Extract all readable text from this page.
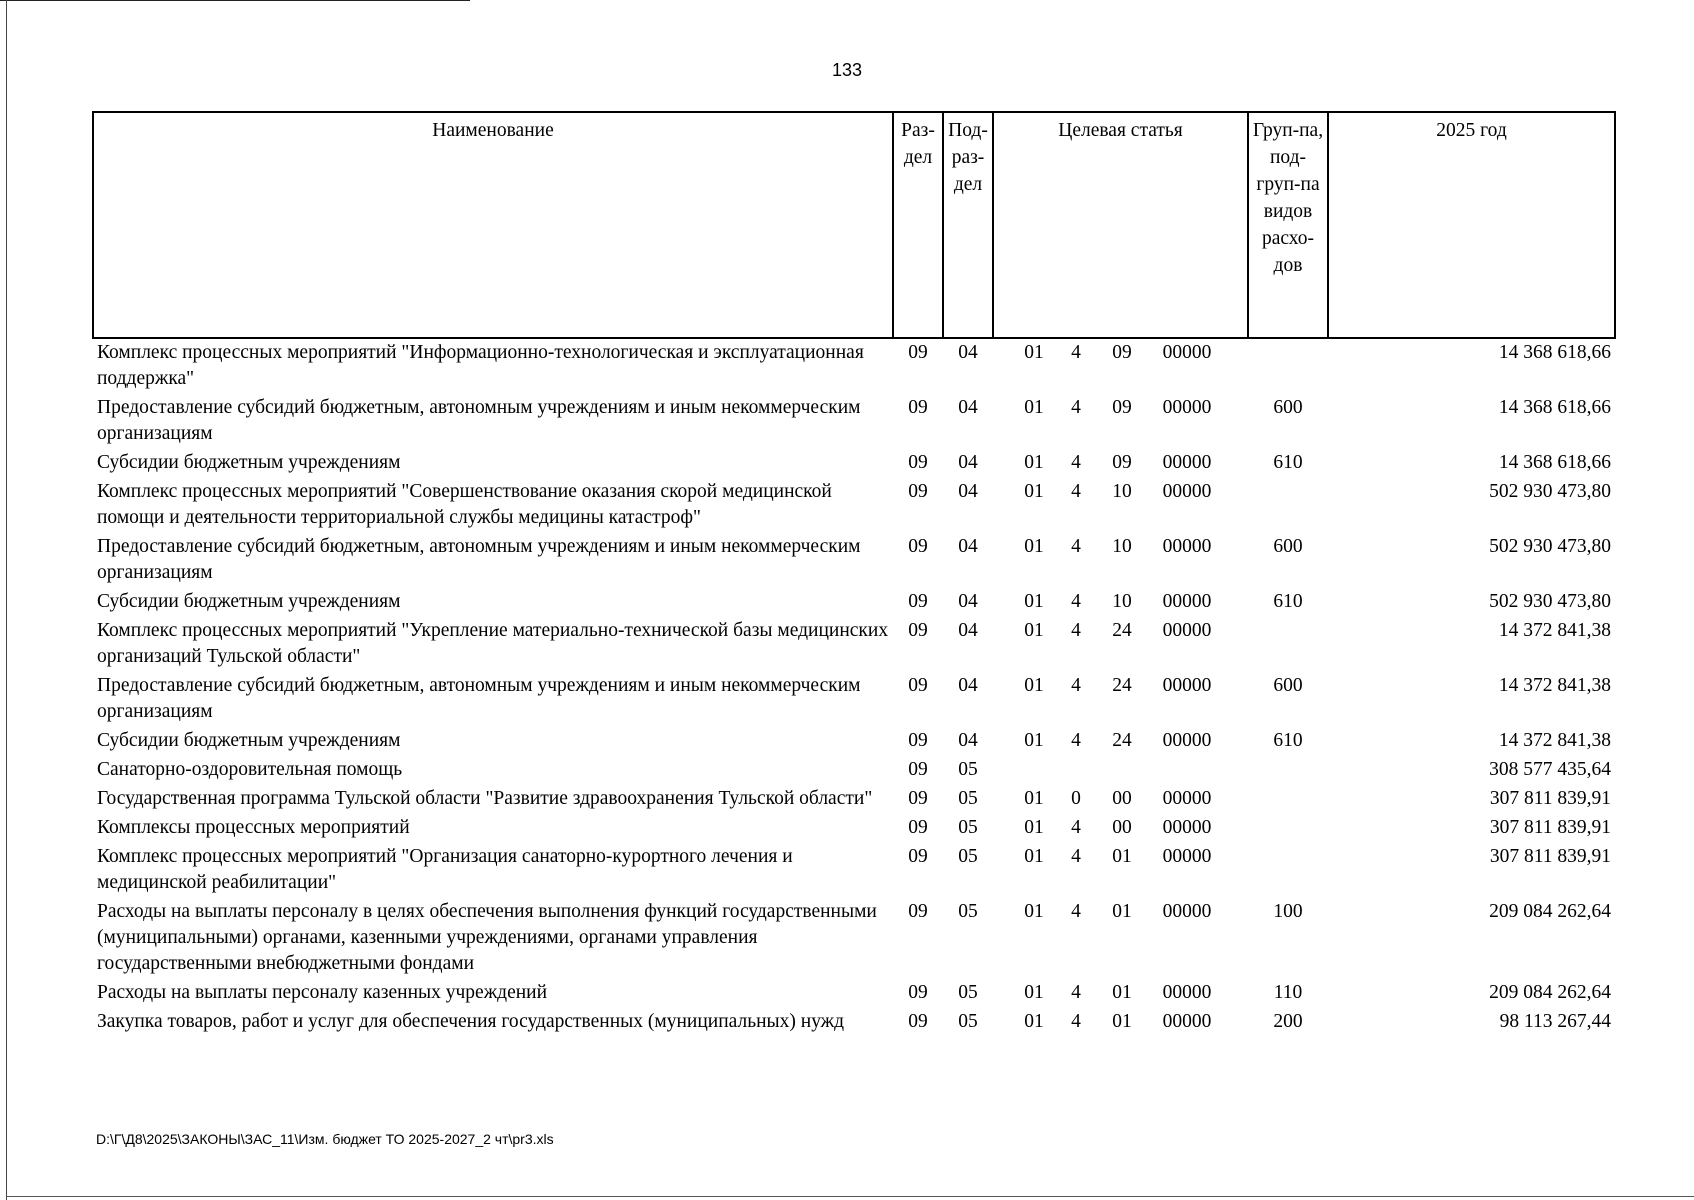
133
Наименование	Раз-дел	Под-раз-дел	Целевая статья	Груп-па, под-груп-па видов расхо-дов	2025 год
Комплекс процессных мероприятий "Информационно-технологическая и эксплуатационная поддержка"	09	04	01 4 09 00000		14 368 618,66
Предоставление субсидий бюджетным, автономным учреждениям и иным некоммерческим организациям	09	04	01 4 09 00000	600	14 368 618,66
Субсидии бюджетным учреждениям	09	04	01 4 09 00000	610	14 368 618,66
Комплекс процессных мероприятий "Совершенствование оказания скорой медицинской помощи и деятельности территориальной службы медицины катастроф"	09	04	01 4 10 00000		502 930 473,80
Предоставление субсидий бюджетным, автономным учреждениям и иным некоммерческим организациям	09	04	01 4 10 00000	600	502 930 473,80
Субсидии бюджетным учреждениям	09	04	01 4 10 00000	610	502 930 473,80
Комплекс процессных мероприятий "Укрепление материально-технической базы медицинских организаций Тульской области"	09	04	01 4 24 00000		14 372 841,38
Предоставление субсидий бюджетным, автономным учреждениям и иным некоммерческим организациям	09	04	01 4 24 00000	600	14 372 841,38
Субсидии бюджетным учреждениям	09	04	01 4 24 00000	610	14 372 841,38
Санаторно-оздоровительная помощь	09	05			308 577 435,64
Государственная программа Тульской области "Развитие здравоохранения Тульской области"	09	05	01 0 00 00000		307 811 839,91
Комплексы процессных мероприятий	09	05	01 4 00 00000		307 811 839,91
Комплекс процессных мероприятий "Организация санаторно-курортного лечения и медицинской реабилитации"	09	05	01 4 01 00000		307 811 839,91
Расходы на выплаты персоналу в целях обеспечения выполнения функций государственными (муниципальными) органами, казенными учреждениями, органами управления государственными внебюджетными фондами	09	05	01 4 01 00000	100	209 084 262,64
Расходы на выплаты персоналу казенных учреждений	09	05	01 4 01 00000	110	209 084 262,64
Закупка товаров, работ и услуг для обеспечения государственных (муниципальных) нужд	09	05	01 4 01 00000	200	98 113 267,44
D:\Г\Д8\2025\ЗАКОНЫ\ЗАС_11\Изм. бюджет ТО 2025-2027_2 чт\pr3.xls
